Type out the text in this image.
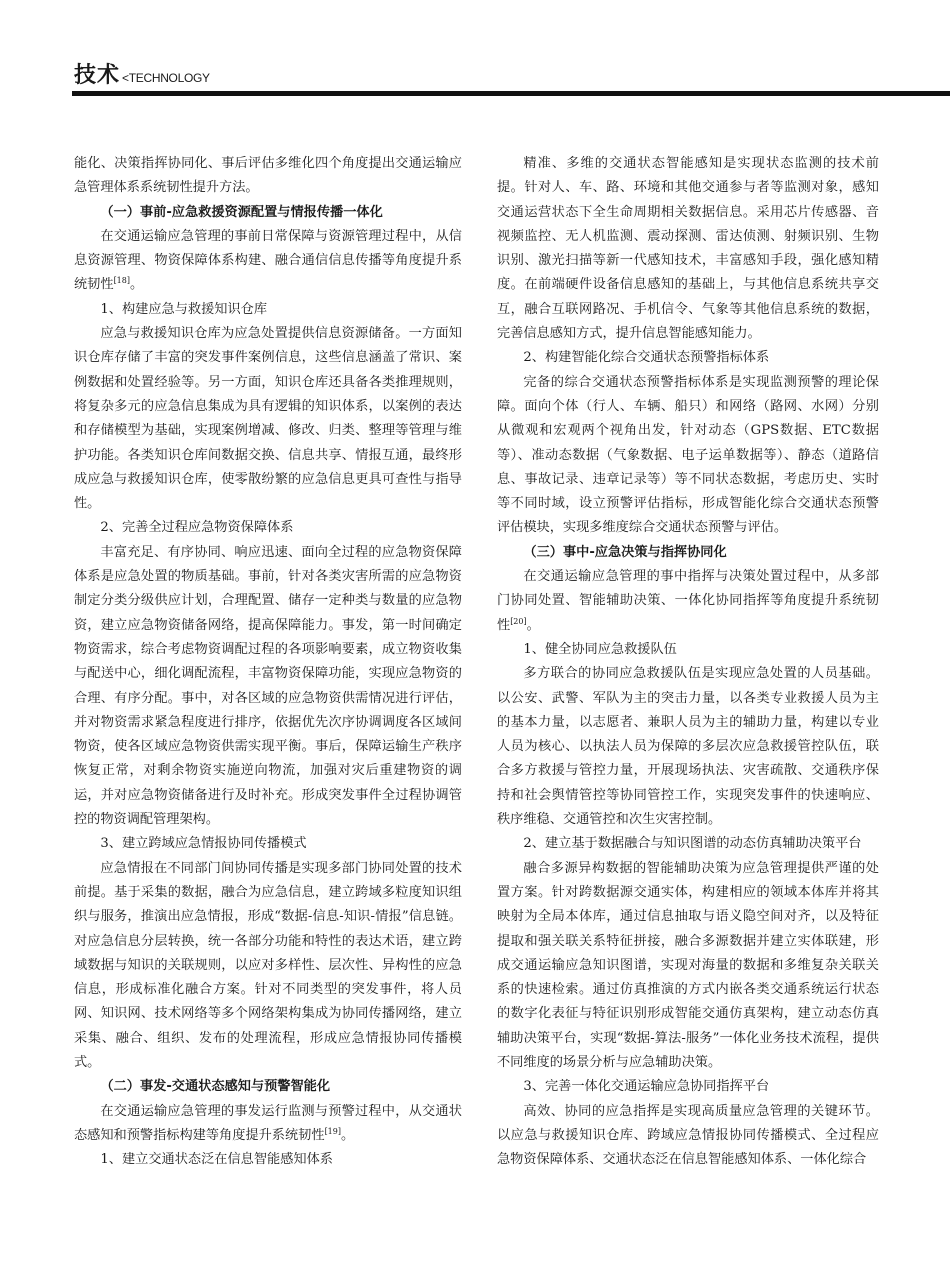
技术 <TECHNOLOGY

能化、决策指挥协同化、事后评估多维化四个角度提出交通运输应急管理体系系统韧性提升方法。

（一）事前-应急救援资源配置与情报传播一体化

在交通运输应急管理的事前日常保障与资源管理过程中，从信息资源管理、物资保障体系构建、融合通信信息传播等角度提升系统韧性[18]。

1、构建应急与救援知识仓库

应急与救援知识仓库为应急处置提供信息资源储备。一方面知识仓库存储了丰富的突发事件案例信息，这些信息涵盖了常识、案例数据和处置经验等。另一方面，知识仓库还具备各类推理规则，将复杂多元的应急信息集成为具有逻辑的知识体系，以案例的表达和存储模型为基础，实现案例增减、修改、归类、整理等管理与维护功能。各类知识仓库间数据交换、信息共享、情报互通，最终形成应急与救援知识仓库，使零散纷繁的应急信息更具可查性与指导性。

2、完善全过程应急物资保障体系

丰富充足、有序协同、响应迅速、面向全过程的应急物资保障体系是应急处置的物质基础。事前，针对各类灾害所需的应急物资制定分类分级供应计划，合理配置、储存一定种类与数量的应急物资，建立应急物资储备网络，提高保障能力。事发，第一时间确定物资需求，综合考虑物资调配过程的各项影响要素，成立物资收集与配送中心，细化调配流程，丰富物资保障功能，实现应急物资的合理、有序分配。事中，对各区域的应急物资供需情况进行评估，并对物资需求紧急程度进行排序，依据优先次序协调调度各区域间物资，使各区域应急物资供需实现平衡。事后，保障运输生产秩序恢复正常，对剩余物资实施逆向物流，加强对灾后重建物资的调运，并对应急物资储备进行及时补充。形成突发事件全过程协调管控的物资调配管理架构。

3、建立跨域应急情报协同传播模式

应急情报在不同部门间协同传播是实现多部门协同处置的技术前提。基于采集的数据，融合为应急信息，建立跨域多粒度知识组织与服务，推演出应急情报，形成“数据-信息-知识-情报”信息链。对应急信息分层转换，统一各部分功能和特性的表达术语，建立跨域数据与知识的关联规则，以应对多样性、层次性、异构性的应急信息，形成标准化融合方案。针对不同类型的突发事件，将人员网、知识网、技术网络等多个网络架构集成为协同传播网络，建立采集、融合、组织、发布的处理流程，形成应急情报协同传播模式。

（二）事发-交通状态感知与预警智能化

在交通运输应急管理的事发运行监测与预警过程中，从交通状态感知和预警指标构建等角度提升系统韧性[19]。

1、建立交通状态泛在信息智能感知体系

精准、多维的交通状态智能感知是实现状态监测的技术前提。针对人、车、路、环境和其他交通参与者等监测对象，感知交通运营状态下全生命周期相关数据信息。采用芯片传感器、音视频监控、无人机监测、震动探测、雷达侦测、射频识别、生物识别、激光扫描等新一代感知技术，丰富感知手段，强化感知精度。在前端硬件设备信息感知的基础上，与其他信息系统共享交互，融合互联网路况、手机信令、气象等其他信息系统的数据，完善信息感知方式，提升信息智能感知能力。

2、构建智能化综合交通状态预警指标体系

完备的综合交通状态预警指标体系是实现监测预警的理论保障。面向个体（行人、车辆、船只）和网络（路网、水网）分别从微观和宏观两个视角出发，针对动态（GPS数据、ETC数据等）、准动态数据（气象数据、电子运单数据等）、静态（道路信息、事故记录、违章记录等）等不同状态数据，考虑历史、实时等不同时域，设立预警评估指标，形成智能化综合交通状态预警评估模块，实现多维度综合交通状态预警与评估。

（三）事中-应急决策与指挥协同化

在交通运输应急管理的事中指挥与决策处置过程中，从多部门协同处置、智能辅助决策、一体化协同指挥等角度提升系统韧性[20]。

1、健全协同应急救援队伍

多方联合的协同应急救援队伍是实现应急处置的人员基础。以公安、武警、军队为主的突击力量，以各类专业救援人员为主的基本力量，以志愿者、兼职人员为主的辅助力量，构建以专业人员为核心、以执法人员为保障的多层次应急救援管控队伍，联合多方救援与管控力量，开展现场执法、灾害疏散、交通秩序保持和社会舆情管控等协同管控工作，实现突发事件的快速响应、秩序维稳、交通管控和次生灾害控制。

2、建立基于数据融合与知识图谱的动态仿真辅助决策平台

融合多源异构数据的智能辅助决策为应急管理提供严谨的处置方案。针对跨数据源交通实体，构建相应的领域本体库并将其映射为全局本体库，通过信息抽取与语义隐空间对齐，以及特征提取和强关联关系特征拼接，融合多源数据并建立实体联建，形成交通运输应急知识图谱，实现对海量的数据和多维复杂关联关系的快速检索。通过仿真推演的方式内嵌各类交通系统运行状态的数字化表征与特征识别形成智能交通仿真架构，建立动态仿真辅助决策平台，实现“数据-算法-服务”一体化业务技术流程，提供不同维度的场景分析与应急辅助决策。

3、完善一体化交通运输应急协同指挥平台

高效、协同的应急指挥是实现高质量应急管理的关键环节。以应急与救援知识仓库、跨域应急情报协同传播模式、全过程应急物资保障体系、交通状态泛在信息智能感知体系、一体化综合
